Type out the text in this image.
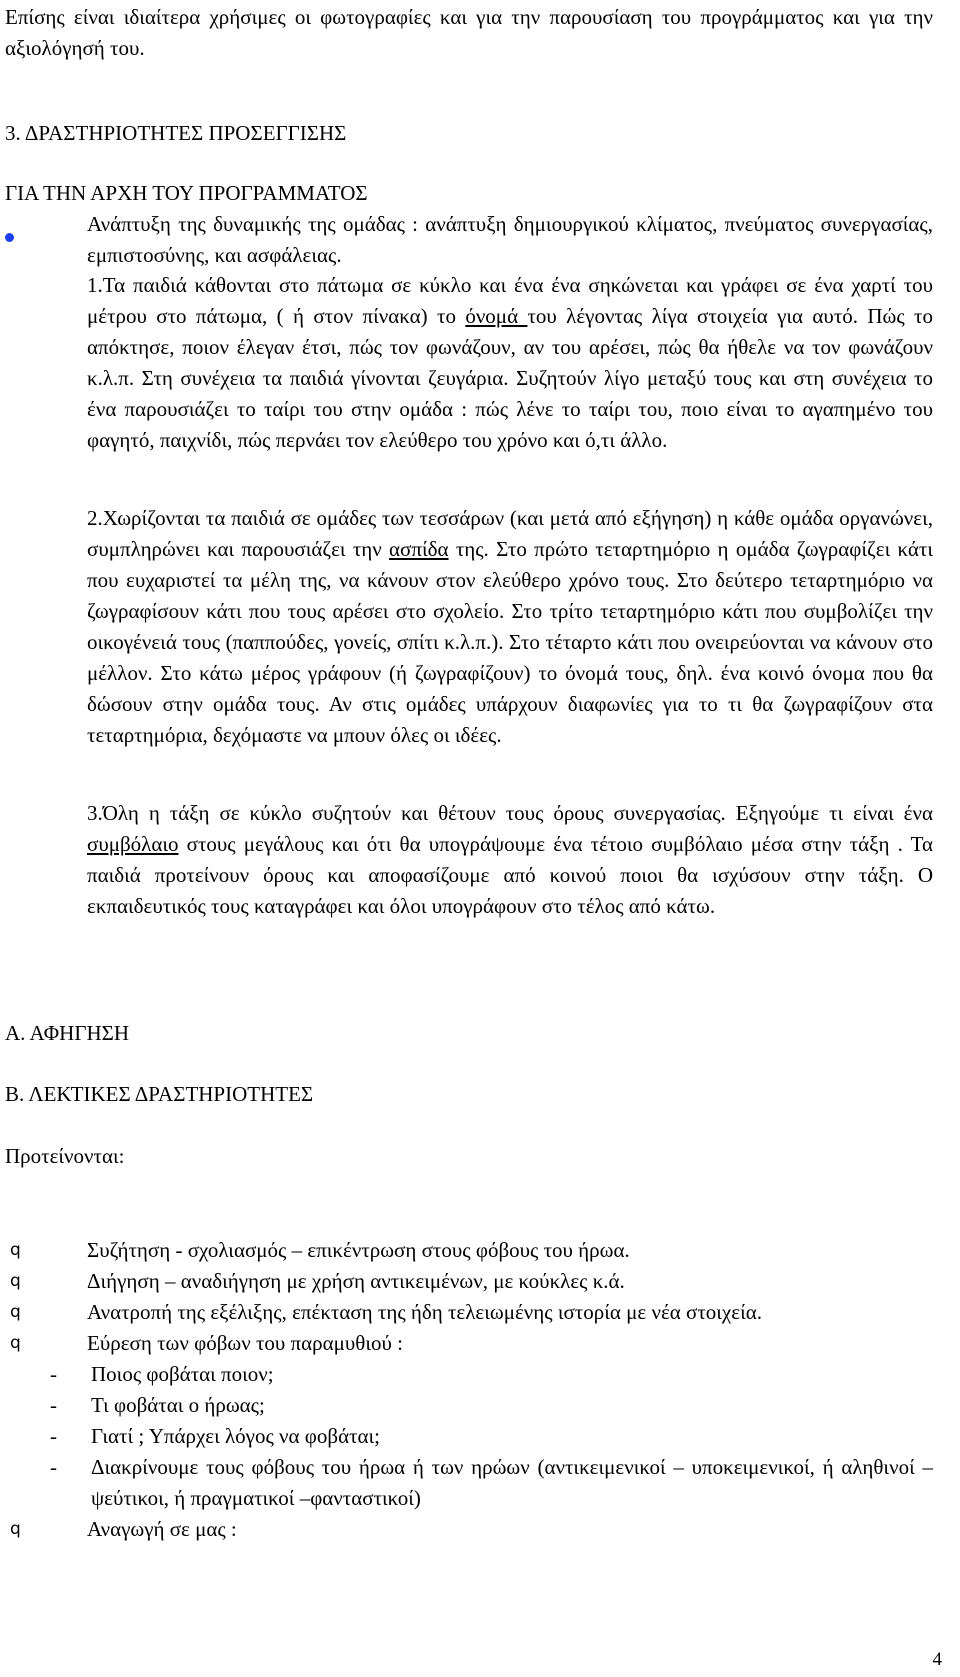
Επίσης είναι ιδιαίτερα χρήσιμες οι φωτογραφίες και για την παρουσίαση του προγράμματος και για την αξιολόγησή του.

3. ΔΡΑΣΤΗΡΙΟΤΗΤΕΣ ΠΡΟΣΕΓΓΙΣΗΣ
ΓΙΑ ΤΗΝ ΑΡΧΗ ΤΟΥ ΠΡΟΓΡΑΜΜΑΤΟΣ

Ανάπτυξη της δυναμικής της ομάδας : ανάπτυξη δημιουργικού κλίματος, πνεύματος συνεργασίας, εμπιστοσύνης, και ασφάλειας.

1.Τα παιδιά κάθονται στο πάτωμα σε κύκλο και ένα ένα σηκώνεται και γράφει σε ένα χαρτί του μέτρου στο πάτωμα, ( ή στον πίνακα) το όνομά του λέγοντας λίγα στοιχεία για αυτό. Πώς το απόκτησε, ποιον έλεγαν έτσι, πώς τον φωνάζουν, αν του αρέσει, πώς θα ήθελε να τον φωνάζουν κ.λ.π. Στη συνέχεια τα παιδιά γίνονται ζευγάρια. Συζητούν λίγο μεταξύ τους και στη συνέχεια το ένα παρουσιάζει το ταίρι του στην ομάδα : πώς λένε το ταίρι του, ποιο είναι το αγαπημένο του φαγητό, παιχνίδι, πώς περνάει τον ελεύθερο του χρόνο και ό,τι άλλο.

2.Χωρίζονται τα παιδιά σε ομάδες των τεσσάρων (και μετά από εξήγηση) η κάθε ομάδα οργανώνει, συμπληρώνει και παρουσιάζει την ασπίδα της. Στο πρώτο τεταρτημόριο η ομάδα ζωγραφίζει κάτι που ευχαριστεί τα μέλη της, να κάνουν στον ελεύθερο χρόνο τους. Στο δεύτερο τεταρτημόριο να ζωγραφίσουν κάτι που τους αρέσει στο σχολείο. Στο τρίτο τεταρτημόριο κάτι που συμβολίζει την οικογένειά τους (παππούδες, γονείς, σπίτι κ.λ.π.). Στο τέταρτο κάτι που ονειρεύονται να κάνουν στο μέλλον. Στο κάτω μέρος γράφουν (ή ζωγραφίζουν) το όνομά τους, δηλ. ένα κοινό όνομα που θα δώσουν στην ομάδα τους. Αν στις ομάδες υπάρχουν διαφωνίες για το τι θα ζωγραφίζουν στα τεταρτημόρια, δεχόμαστε να μπουν όλες οι ιδέες.

3.Όλη η τάξη σε κύκλο συζητούν και θέτουν τους όρους συνεργασίας. Εξηγούμε τι είναι ένα συμβόλαιο στους μεγάλους και ότι θα υπογράψουμε ένα τέτοιο συμβόλαιο μέσα στην τάξη . Τα παιδιά προτείνουν όρους και αποφασίζουμε από κοινού ποιοι θα ισχύσουν στην τάξη. Ο εκπαιδευτικός τους καταγράφει και όλοι υπογράφουν στο τέλος από κάτω.

Α. ΑΦΗΓΗΣΗ
Β. ΛΕΚΤΙΚΕΣ ΔΡΑΣΤΗΡΙΟΤΗΤΕΣ
Προτείνονται:
q	Συζήτηση - σχολιασμός – επικέντρωση στους φόβους του ήρωα.
q	Διήγηση – αναδιήγηση με χρήση αντικειμένων, με κούκλες κ.ά.
q	Ανατροπή της εξέλιξης, επέκταση της ήδη τελειωμένης ιστορία με νέα στοιχεία.
q	Εύρεση των φόβων του παραμυθιού :
- Ποιος φοβάται ποιον;
- Τι φοβάται ο ήρωας;
- Γιατί ; Υπάρχει λόγος να φοβάται;
- Διακρίνουμε τους φόβους του ήρωα ή των ηρώων (αντικειμενικοί – υποκειμενικοί, ή αληθινοί – ψεύτικοι, ή πραγματικοί –φανταστικοί)
q	Αναγωγή σε μας :
4
